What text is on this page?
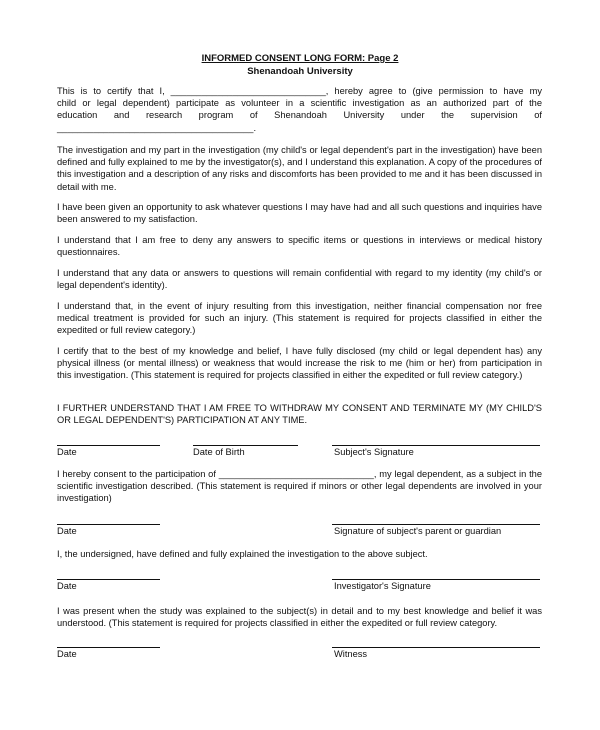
INFORMED CONSENT LONG FORM: Page 2
Shenandoah University
This is to certify that I, ______________________________, hereby agree to (give permission to have my
child or legal dependent) participate as volunteer in a scientific investigation as an authorized part of the
education and research program of Shenandoah University under the supervision of
______________________________________.
The investigation and my part in the investigation (my child's or legal dependent's part in the investigation) have been defined and fully explained to me by the investigator(s), and I understand this explanation. A copy of the procedures of this investigation and a description of any risks and discomforts has been provided to me and it has been discussed in detail with me.
I have been given an opportunity to ask whatever questions I may have had and all such questions and inquiries have been answered to my satisfaction.
I understand that I am free to deny any answers to specific items or questions in interviews or medical history questionnaires.
I understand that any data or answers to questions will remain confidential with regard to my identity (my child's or legal dependent's identity).
I understand that, in the event of injury resulting from this investigation, neither financial compensation nor free medical treatment is provided for such an injury. (This statement is required for projects classified in either the expedited or full review category.)
I certify that to the best of my knowledge and belief, I have fully disclosed (my child or legal dependent has) any physical illness (or mental illness) or weakness that would increase the risk to me (him or her) from participation in this investigation. (This statement is required for projects classified in either the expedited or full review category.)
I FURTHER UNDERSTAND THAT I AM FREE TO WITHDRAW MY CONSENT AND TERMINATE MY (MY CHILD'S OR LEGAL DEPENDENT'S) PARTICIPATION AT ANY TIME.
Date	Date of Birth	Subject's Signature
I hereby consent to the participation of ______________________________, my legal dependent, as a subject in the scientific investigation described. (This statement is required if minors or other legal dependents are involved in your investigation)
Date	Signature of subject's parent or guardian
I, the undersigned, have defined and fully explained the investigation to the above subject.
Date	Investigator's Signature
I was present when the study was explained to the subject(s) in detail and to my best knowledge and belief it was understood. (This statement is required for projects classified in either the expedited or full review category.
Date	Witness
